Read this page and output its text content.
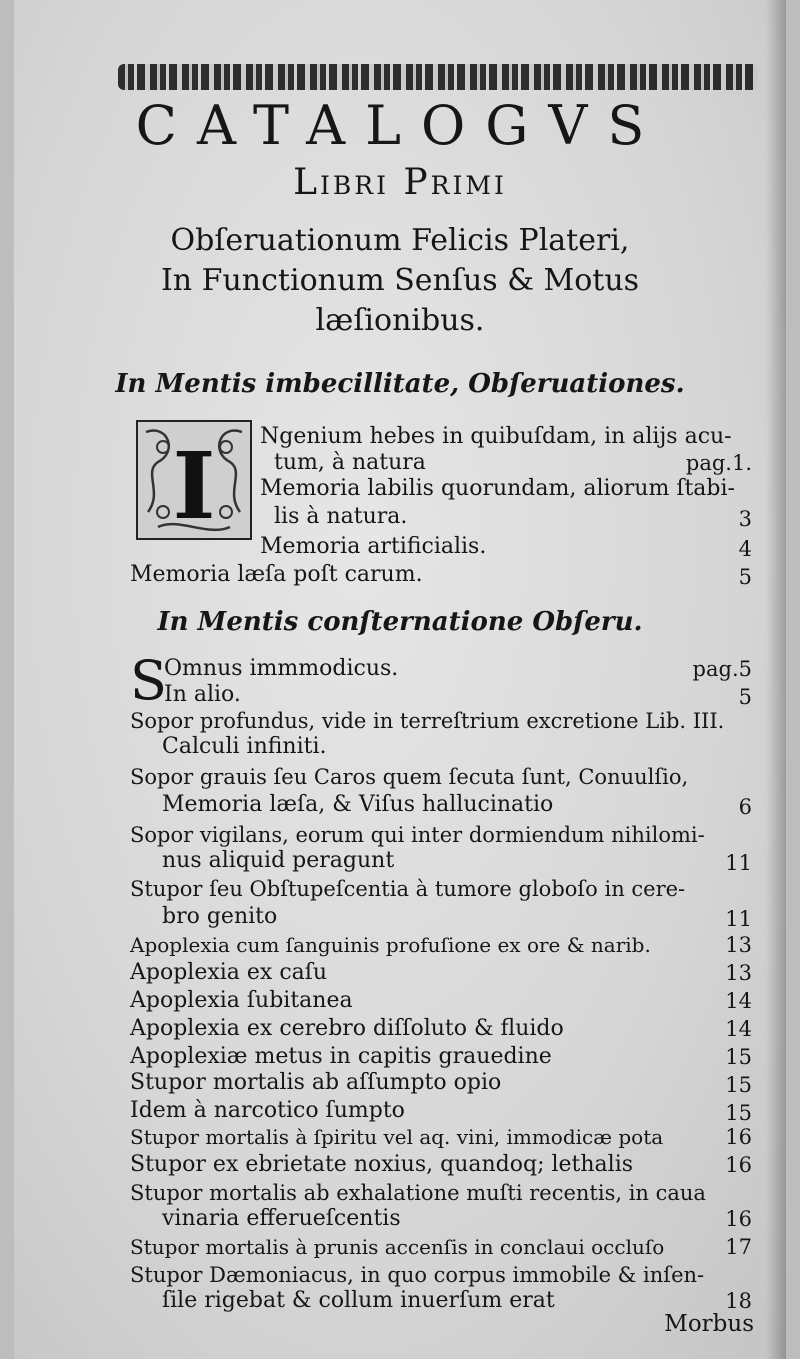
CATALOGVS
Libri Primi
Obſeruationum Felicis Plateri,
In Functionum Senſus & Motus
læſionibus.
In Mentis imbecillitate, Obſeruationes.
I Ngenium hebes in quibuſdam, in alijs acu-
tum, à natura	pag.1.
Memoria labilis quorundam, aliorum ſtabi-
lis à natura.	3
Memoria artificialis.	4
Memoria læſa poſt carum.	5
In Mentis conſternatione Obſeru.
S
Omnus immmodicus.	pag.5
In alio.	5
Sopor profundus, vide in terreſtrium excretione Lib. III.
Calculi infiniti.
Sopor grauis ſeu Caros quem ſecuta ſunt, Conuulſio,
Memoria læſa, & Viſus hallucinatio	6
Sopor vigilans, eorum qui inter dormiendum nihilomi-
nus aliquid peragunt	11
Stupor ſeu Obſtupeſcentia à tumore globoſo in cere-
bro genito	11
Apoplexia cum ſanguinis profuſione ex ore & narib.	13
Apoplexia ex caſu	13
Apoplexia ſubitanea	14
Apoplexia ex cerebro diſſoluto & fluido	14
Apoplexiæ metus in capitis grauedine	15
Stupor mortalis ab aſſumpto opio	15
Idem à narcotico ſumpto	15
Stupor mortalis à ſpiritu vel aq. vini, immodicæ pota	16
Stupor ex ebrietate noxius, quandoq; lethalis	16
Stupor mortalis ab exhalatione muſti recentis, in caua
vinaria efferueſcentis	16
Stupor mortalis à prunis accenſis in conclaui occluſo	17
Stupor Dæmoniacus, in quo corpus immobile & inſen-
ſile rigebat & collum inuerſum erat	18
Morbus
